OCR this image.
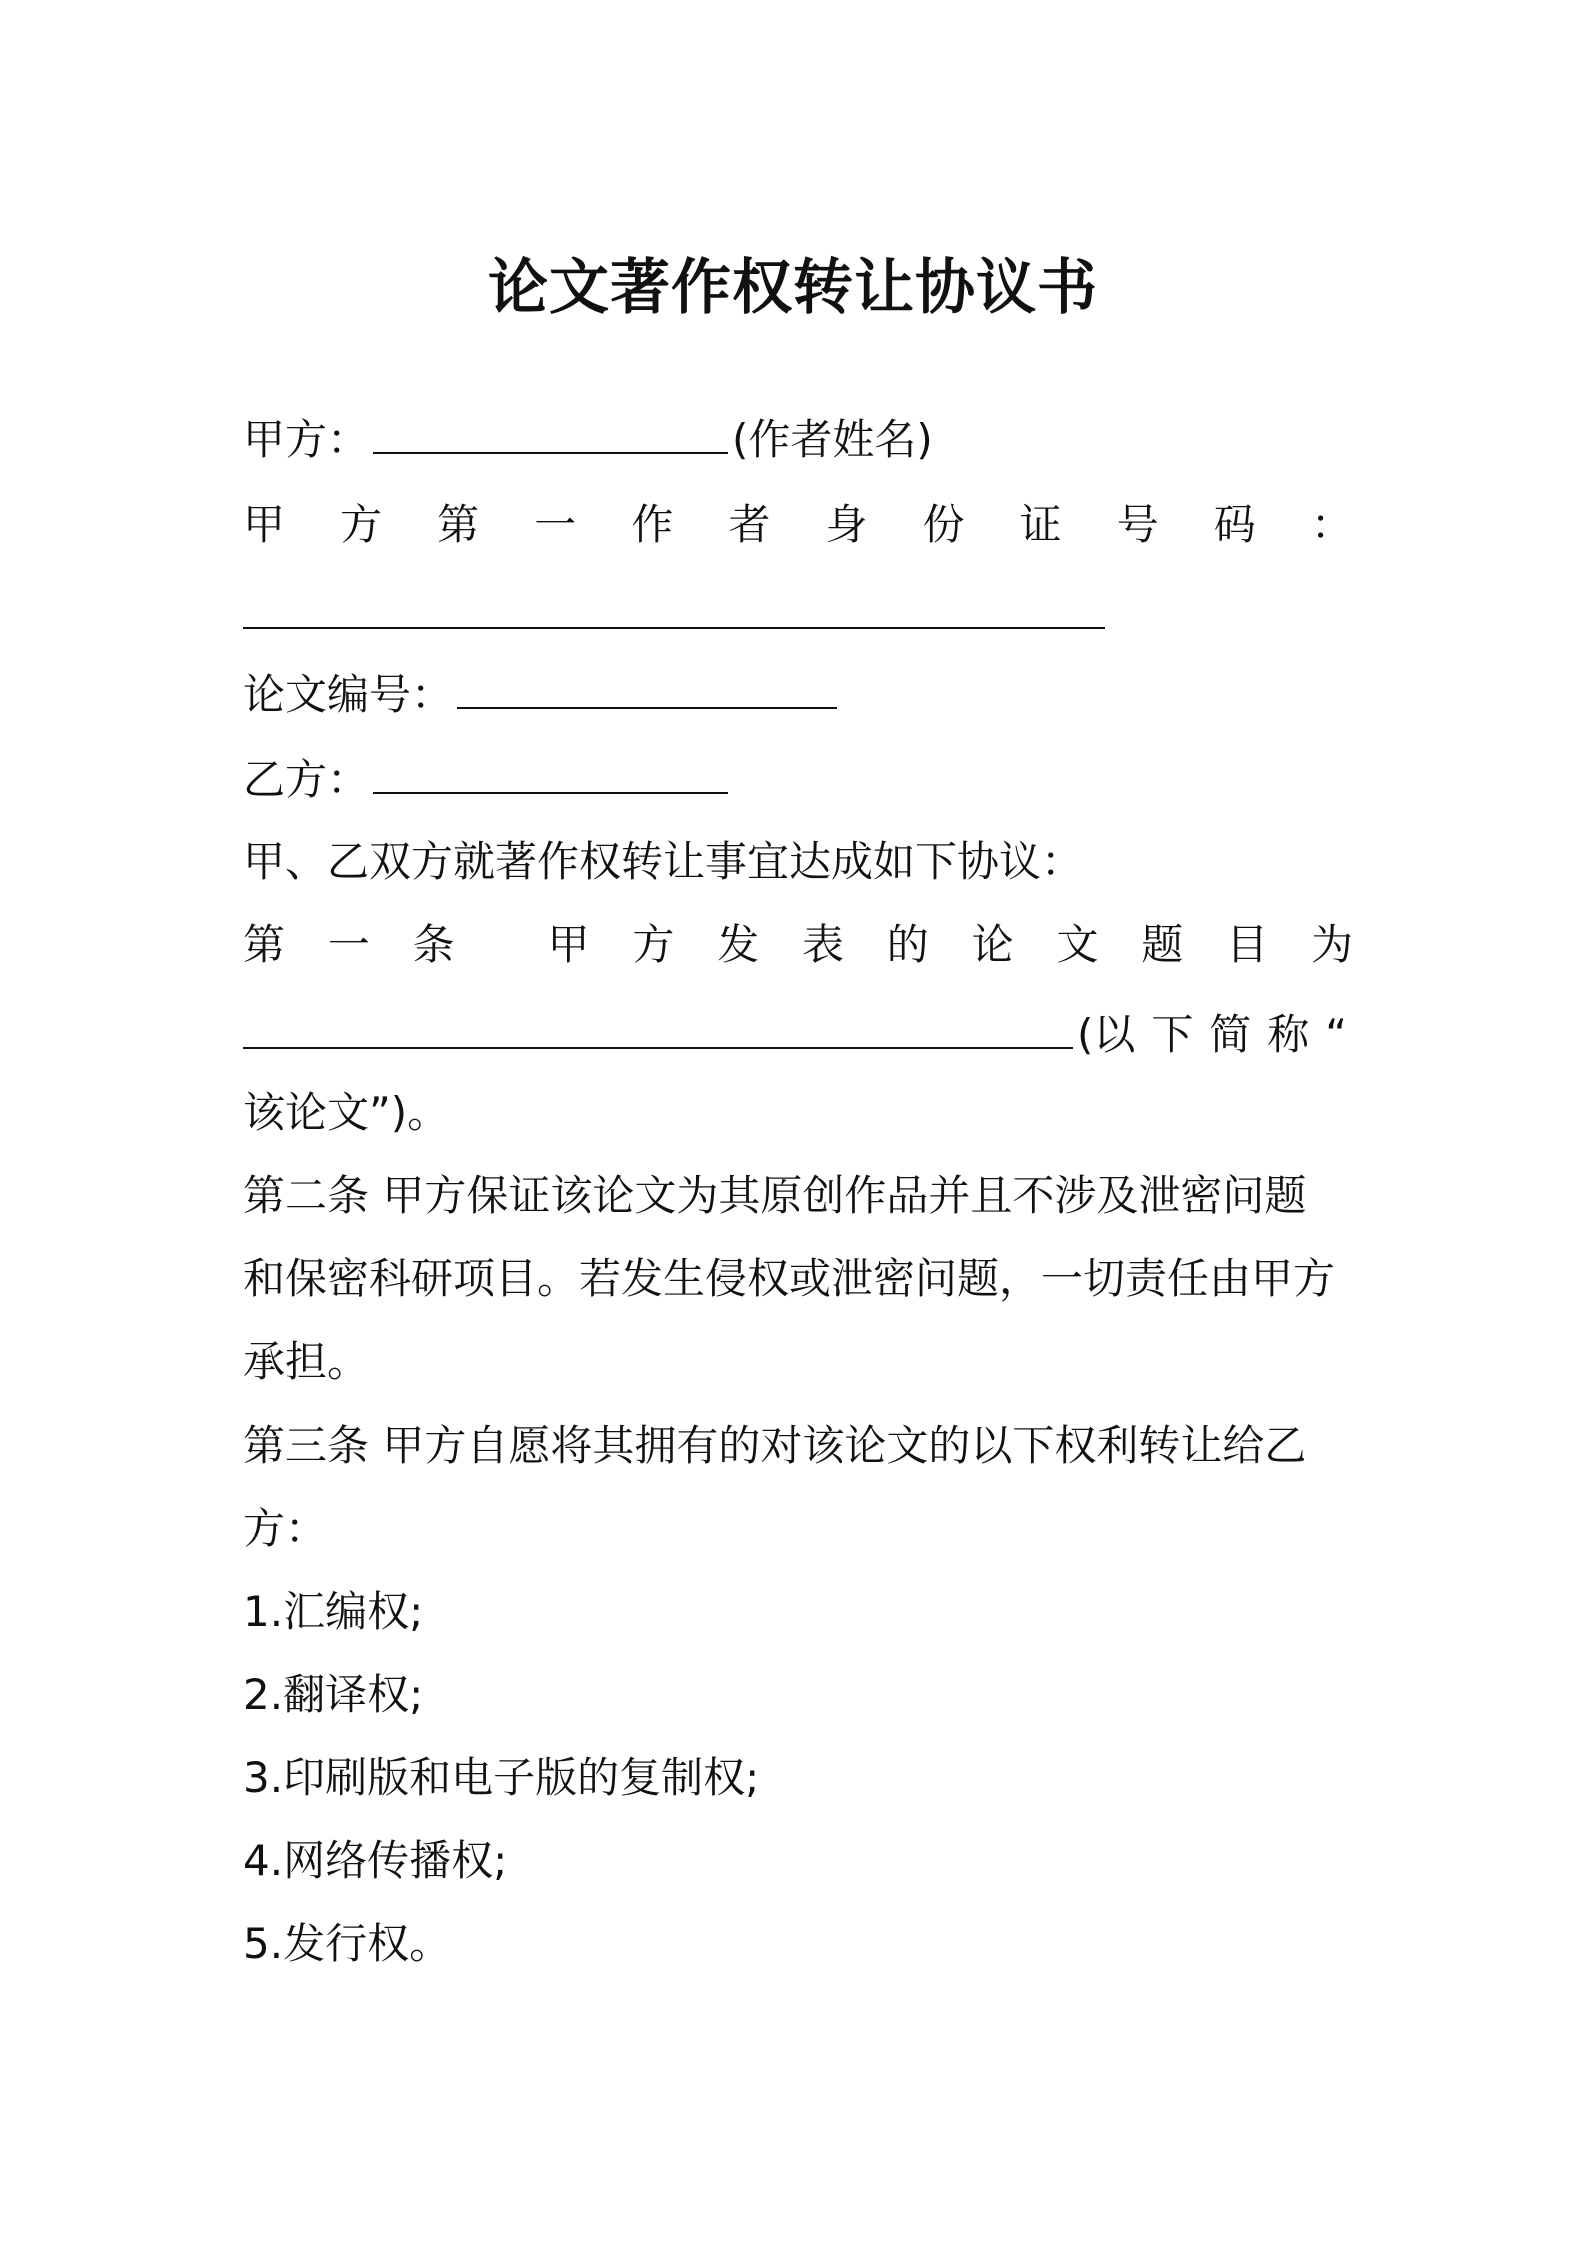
论文著作权转让协议书
甲方：	(作者姓名)
甲 方 第 一 作 者 身 份 证 号 码 ：
论文编号：
乙方：
甲、乙双方就著作权转让事宜达成如下协议：
第 一 条 甲 方 发 表 的 论 文 题 目 为
(以 下 简 称 “
该论文”)。
第二条 甲方保证该论文为其原创作品并且不涉及泄密问题
和保密科研项目。若发生侵权或泄密问题，一切责任由甲方
承担。
第三条 甲方自愿将其拥有的对该论文的以下权利转让给乙
方：
1.汇编权;
2.翻译权;
3.印刷版和电子版的复制权;
4.网络传播权;
5.发行权。
